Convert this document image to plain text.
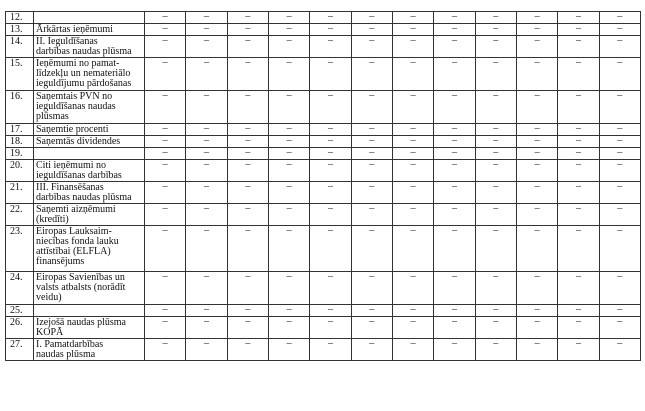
12.		–	–	–	–	–	–	–	–	–	–	–	–
13.	Ārkārtas ieņēmumi	–	–	–	–	–	–	–	–	–	–	–	–
14.	II. Ieguldīšanas
darbības naudas plūsma	–	–	–	–	–	–	–	–	–	–	–	–
15.	Ieņēmumi no pamat-
līdzekļu un nemateriālo
ieguldījumu pārdošanas	–	–	–	–	–	–	–	–	–	–	–	–
16.	Saņemtais PVN no
ieguldīšanas naudas
plūsmas	–	–	–	–	–	–	–	–	–	–	–	–
17.	Saņemtie procenti	–	–	–	–	–	–	–	–	–	–	–	–
18.	Saņemtās dividendes	–	–	–	–	–	–	–	–	–	–	–	–
19.		–	–	–	–	–	–	–	–	–	–	–	–
20.	Citi ieņēmumi no
ieguldīšanas darbības	–	–	–	–	–	–	–	–	–	–	–	–
21.	III. Finansēšanas
darbības naudas plūsma	–	–	–	–	–	–	–	–	–	–	–	–
22.	Saņemti aizņēmumi
(kredīti)	–	–	–	–	–	–	–	–	–	–	–	–
23.	Eiropas Lauksaim-
niecības fonda lauku
attīstībai (ELFLA)
finansējums	–	–	–	–	–	–	–	–	–	–	–	–
24.	Eiropas Savienības un
valsts atbalsts (norādīt
veidu)	–	–	–	–	–	–	–	–	–	–	–	–
25.		–	–	–	–	–	–	–	–	–	–	–	–
26.	Izejošā naudas plūsma
KOPĀ	–	–	–	–	–	–	–	–	–	–	–	–
27.	I. Pamatdarbības
naudas plūsma	–	–	–	–	–	–	–	–	–	–	–	–
